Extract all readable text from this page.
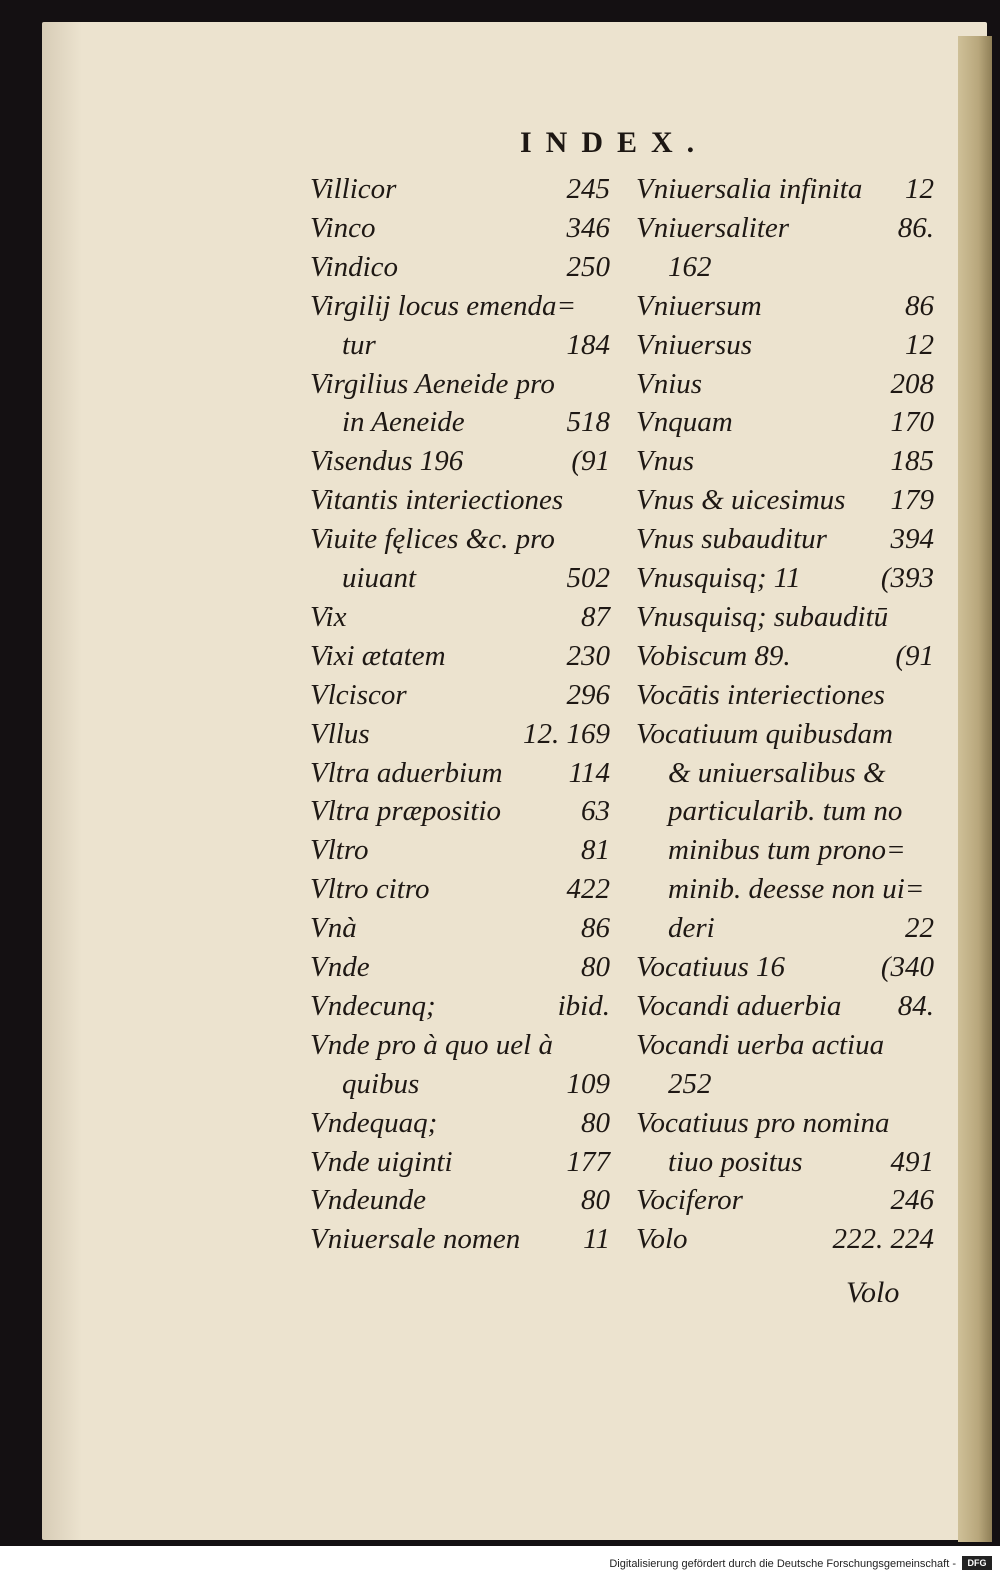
INDEX.
Villicor	245
Vinco	346
Vindico	250
Virgilij locus emenda=
tur	184
Virgilius Aeneide pro
in Aeneide	518
Visendus 196	(91
Vitantis interiectiones
Viuite fęlices &c. pro
uiuant	502
Vix	87
Vixi ætatem	230
Vlciscor	296
Vllus	12. 169
Vltra aduerbium 114
Vltra præpositio	63
Vltro	81
Vltro citro	422
Vnà	86
Vnde	80
Vndecunq;	ibid.
Vnde pro à quo uel à
quibus	109
Vndequaq;	80
Vnde uiginti	177
Vndeunde	80
Vniuersale nomen 11
Vniuersalia infinita 12
Vniuersaliter	86.
162
Vniuersum	86
Vniuersus	12
Vnius	208
Vnquam	170
Vnus	185
Vnus & uicesimus 179
Vnus subauditur 394
Vnusquisq; 11	(393
Vnusquisq; subauditū
Vobiscum 89.	(91
Vocātis interiectiones
Vocatiuum quibusdam
& uniuersalibus &
particularib. tum no
minibus tum prono=
minib. deesse non ui=
deri	22
Vocatiuus 16	(340
Vocandi aduerbia 84.
Vocandi uerba actiua
252
Vocatiuus pro nomina
tiuo positus	491
Vociferor	246
Volo	222. 224
Volo
Digitalisierung gefördert durch die Deutsche Forschungsgemeinschaft -	DFG
